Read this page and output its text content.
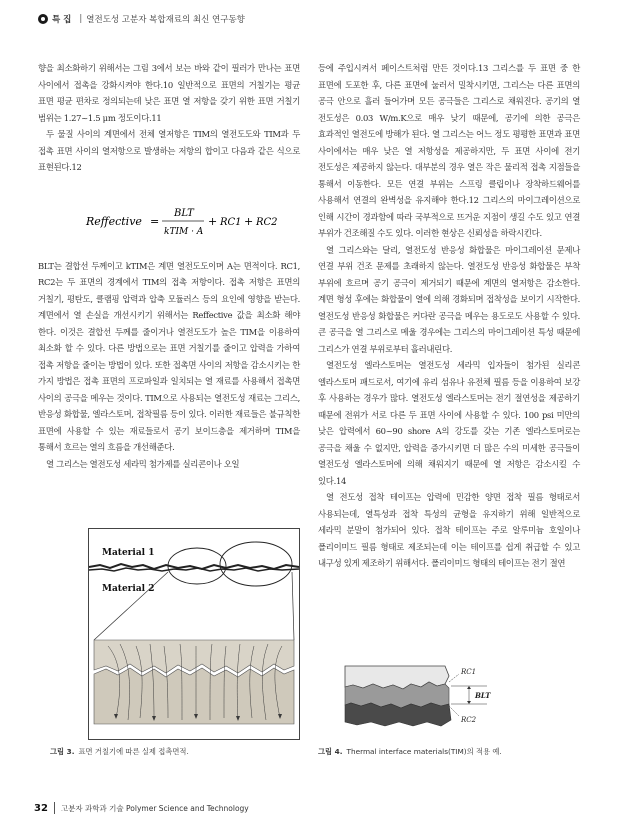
특 집 | 열전도성 고분자 복합재료의 최신 연구동향

향을 최소화하기 위해서는 그림 3에서 보는 바와 같이 필러가 만나는 표면 사이에서 접촉을 강화시켜야 한다.10 일반적으로 표면의 거칠기는 평균 표면 평균 편차로 정의되는데 낮은 표면 열 저항을 갖기 위한 표면 거칠기 범위는 1.27~1.5 μm 정도이다.11

두 물질 사이의 계면에서 전체 열저항은 TIM의 열전도도와 TIM과 두 접촉 표면 사이의 열저항으로 발생하는 저항의 합이고 다음과 같은 식으로 표현된다.12

Reffective =
BLT
kTIM · A
+ RC1 + RC2

BLT는 결합선 두께이고 kTIM은 계면 열전도도이며 A는 면적이다. RC1, RC2는 두 표면의 경계에서 TIM의 접촉 저항이다. 접촉 저항은 표면의 거칠기, 평탄도, 클램핑 압력과 압축 모듈러스 등의 요인에 영향을 받는다. 계면에서 열 손실을 개선시키기 위해서는 Reffective 값을 최소화 해야 한다. 이것은 결합선 두께를 줄이거나 열전도도가 높은 TIM을 이용하여 최소화 할 수 있다. 다른 방법으로는 표면 거칠기를 줄이고 압력을 가하여 접촉 저항을 줄이는 방법이 있다. 또한 접촉면 사이의 저항을 감소시키는 한 가지 방법은 접촉 표면의 프로파일과 일치되는 열 재료를 사용해서 접촉면 사이의 공극을 메우는 것이다. TIM으로 사용되는 열전도성 재료는 그리스, 반응성 화합물, 엘라스토머, 접착필름 등이 있다. 이러한 재료들은 불규칙한 표면에 사용할 수 있는 재료들로서 공기 보이드층을 제거하며 TIM을 통해서 흐르는 열의 흐름을 개선해준다.

열 그리스는 열전도성 세라믹 첨가제를 실리콘이나 오일

Material 1
Material 2

등에 주입시켜서 페이스트처럼 만든 것이다.13 그리스를 두 표면 중 한 표면에 도포한 후, 다른 표면에 눌러서 밀착시키면, 그리스는 다른 표면의 공극 안으로 흘러 들어가며 모든 공극들은 그리스로 채워진다. 공기의 열 전도성은 0.03 W/m.K으로 매우 낮기 때문에, 공기에 의한 공극은 효과적인 열전도에 방해가 된다. 열 그리스는 어느 정도 평평한 표면과 표면 사이에서는 매우 낮은 열 저항성을 제공하지만, 두 표면 사이에 전기 전도성은 제공하지 않는다. 대부분의 경우 열은 작은 물리적 접촉 지점들을 통해서 이동한다. 모든 연결 부위는 스프링 클립이나 장착하드웨어를 사용해서 연결의 완벽성을 유지해야 한다.12 그리스의 마이그레이션으로 인해 시간이 경과함에 따라 국부적으로 뜨거운 지점이 생길 수도 있고 연결 부위가 건조해질 수도 있다. 이러한 현상은 신뢰성을 하락시킨다.

열 그리스와는 달리, 열전도성 반응성 화합물은 마이그레이션 문제나 연결 부위 건조 문제를 초래하지 않는다. 열전도성 반응성 화합물은 부착 부위에 흐르며 공기 공극이 제거되기 때문에 계면의 열저항은 감소한다. 계면 형성 후에는 화합물이 열에 의해 경화되며 접착성을 보이기 시작한다. 열전도성 반응성 화합물은 커다란 공극을 메우는 용도로도 사용할 수 있다. 큰 공극을 열 그리스로 메울 경우에는 그리스의 마이그레이션 특성 때문에 그리스가 연결 부위로부터 흘러내린다.

열전도성 엘라스토머는 열전도성 세라믹 입자들이 첨가된 실리콘 엘라스토머 패드로서, 여기에 유리 섬유나 유전체 필름 등을 이용하여 보강 후 사용하는 경우가 많다. 열전도성 엘라스토머는 전기 절연성을 제공하기 때문에 전위가 서로 다른 두 표면 사이에 사용할 수 있다. 100 psi 미만의 낮은 압력에서 60~90 shore A의 강도를 갖는 기존 엘라스토머로는 공극을 채울 수 없지만, 압력을 증가시키면 더 많은 수의 미세한 공극들이 열전도성 엘라스토머에 의해 채워지기 때문에 열 저항은 감소시킬 수 있다.14

열 전도성 접착 테이프는 압력에 민감한 양면 접착 필름 형태로서 사용되는데, 열특성과 접착 특성의 균형을 유지하기 위해 일반적으로 세라믹 분말이 첨가되어 있다. 접착 테이프는 주로 알루미늄 호일이나 폴리이미드 필름 형태로 제조되는데 이는 테이프를 쉽게 취급할 수 있고 내구성 있게 제조하기 위해서다. 폴리이미드 형태의 테이프는 전기 절연

RC1
BLT
RC2
그림 3. 표면 거칠기에 따른 실제 접촉면적.	그림 4. Thermal interface materials(TIM)의 적용 예.
32 고분자 과학과 기술 Polymer Science and Technology
